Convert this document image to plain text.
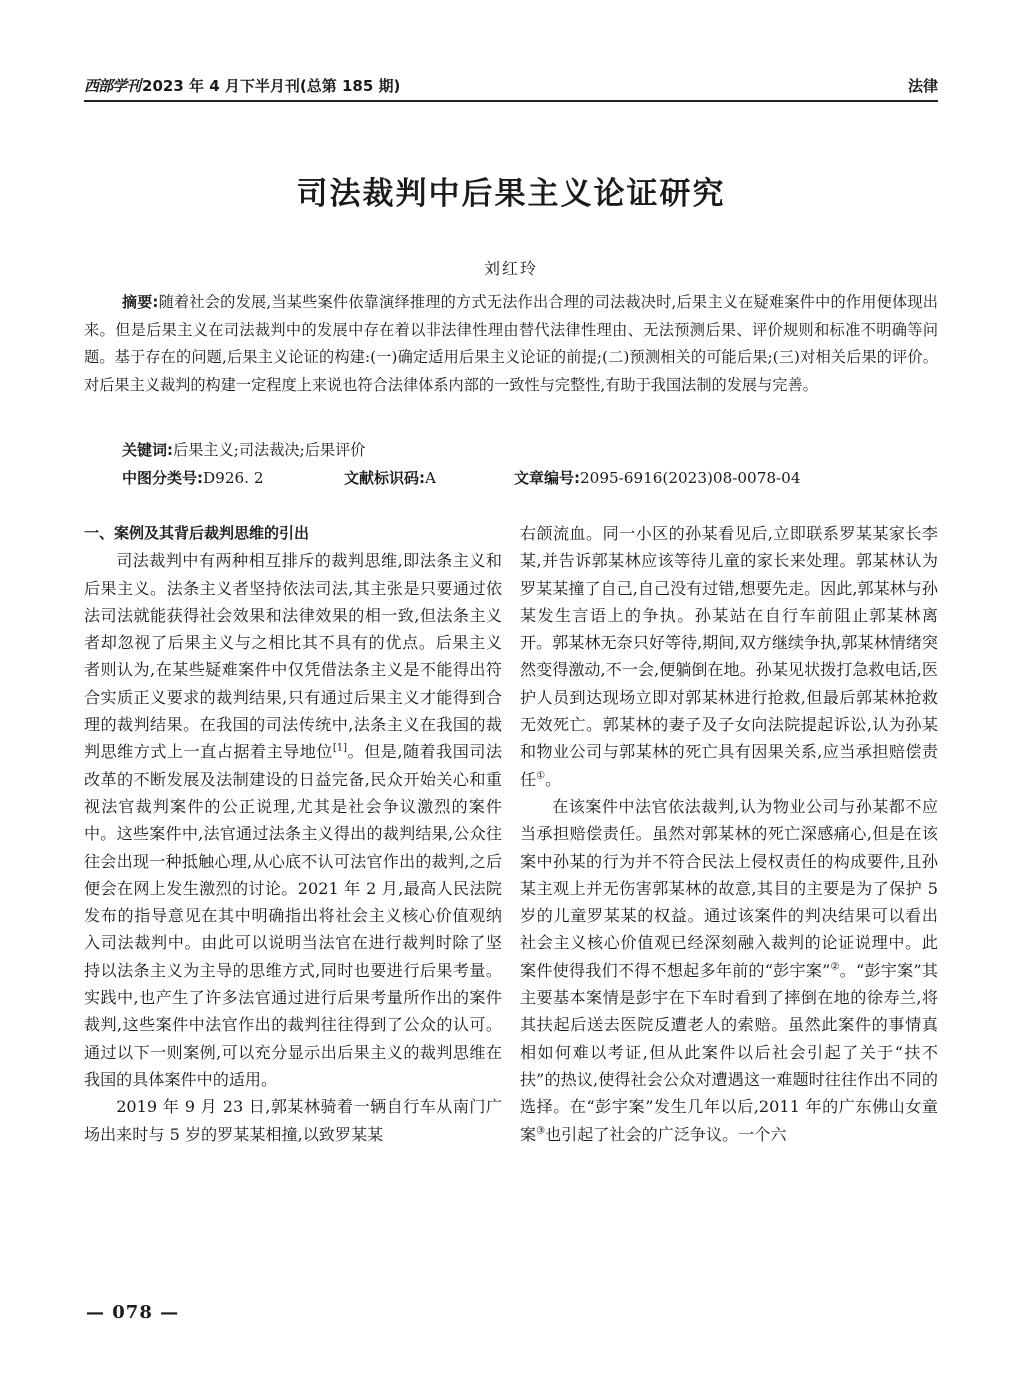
西部学刊 2023 年 4 月下半月刊(总第 185 期)	法律
司法裁判中后果主义论证研究
刘红玲
摘要:随着社会的发展,当某些案件依靠演绎推理的方式无法作出合理的司法裁决时,后果主义在疑难案件中的作用便体现出来。但是后果主义在司法裁判中的发展中存在着以非法律性理由替代法律性理由、无法预测后果、评价规则和标准不明确等问题。基于存在的问题,后果主义论证的构建:(一)确定适用后果主义论证的前提;(二)预测相关的可能后果;(三)对相关后果的评价。对后果主义裁判的构建一定程度上来说也符合法律体系内部的一致性与完整性,有助于我国法制的发展与完善。
关键词:后果主义;司法裁决;后果评价
中图分类号:D926. 2	文献标识码:A	文章编号:2095-6916(2023)08-0078-04

一、案例及其背后裁判思维的引出

司法裁判中有两种相互排斥的裁判思维,即法条主义和后果主义。法条主义者坚持依法司法,其主张是只要通过依法司法就能获得社会效果和法律效果的相一致,但法条主义者却忽视了后果主义与之相比其不具有的优点。后果主义者则认为,在某些疑难案件中仅凭借法条主义是不能得出符合实质正义要求的裁判结果,只有通过后果主义才能得到合理的裁判结果。在我国的司法传统中,法条主义在我国的裁判思维方式上一直占据着主导地位[1]。但是,随着我国司法改革的不断发展及法制建设的日益完备,民众开始关心和重视法官裁判案件的公正说理,尤其是社会争议激烈的案件中。这些案件中,法官通过法条主义得出的裁判结果,公众往往会出现一种抵触心理,从心底不认可法官作出的裁判,之后便会在网上发生激烈的讨论。2021 年 2 月,最高人民法院发布的指导意见在其中明确指出将社会主义核心价值观纳入司法裁判中。由此可以说明当法官在进行裁判时除了坚持以法条主义为主导的思维方式,同时也要进行后果考量。实践中,也产生了许多法官通过进行后果考量所作出的案件裁判,这些案件中法官作出的裁判往往得到了公众的认可。通过以下一则案例,可以充分显示出后果主义的裁判思维在我国的具体案件中的适用。

2019 年 9 月 23 日,郭某林骑着一辆自行车从南门广场出来时与 5 岁的罗某某相撞,以致罗某某

右颌流血。同一小区的孙某看见后,立即联系罗某某家长李某,并告诉郭某林应该等待儿童的家长来处理。郭某林认为罗某某撞了自己,自己没有过错,想要先走。因此,郭某林与孙某发生言语上的争执。孙某站在自行车前阻止郭某林离开。郭某林无奈只好等待,期间,双方继续争执,郭某林情绪突然变得激动,不一会,便躺倒在地。孙某见状拨打急救电话,医护人员到达现场立即对郭某林进行抢救,但最后郭某林抢救无效死亡。郭某林的妻子及子女向法院提起诉讼,认为孙某和物业公司与郭某林的死亡具有因果关系,应当承担赔偿责任①。

在该案件中法官依法裁判,认为物业公司与孙某都不应当承担赔偿责任。虽然对郭某林的死亡深感痛心,但是在该案中孙某的行为并不符合民法上侵权责任的构成要件,且孙某主观上并无伤害郭某林的故意,其目的主要是为了保护 5 岁的儿童罗某某的权益。通过该案件的判决结果可以看出社会主义核心价值观已经深刻融入裁判的论证说理中。此案件使得我们不得不想起多年前的“彭宇案”②。“彭宇案”其主要基本案情是彭宇在下车时看到了摔倒在地的徐寿兰,将其扶起后送去医院反遭老人的索赔。虽然此案件的事情真相如何难以考证,但从此案件以后社会引起了关于“扶不扶”的热议,使得社会公众对遭遇这一难题时往往作出不同的选择。在“彭宇案”发生几年以后,2011 年的广东佛山女童案③也引起了社会的广泛争议。一个六

— 078 —
